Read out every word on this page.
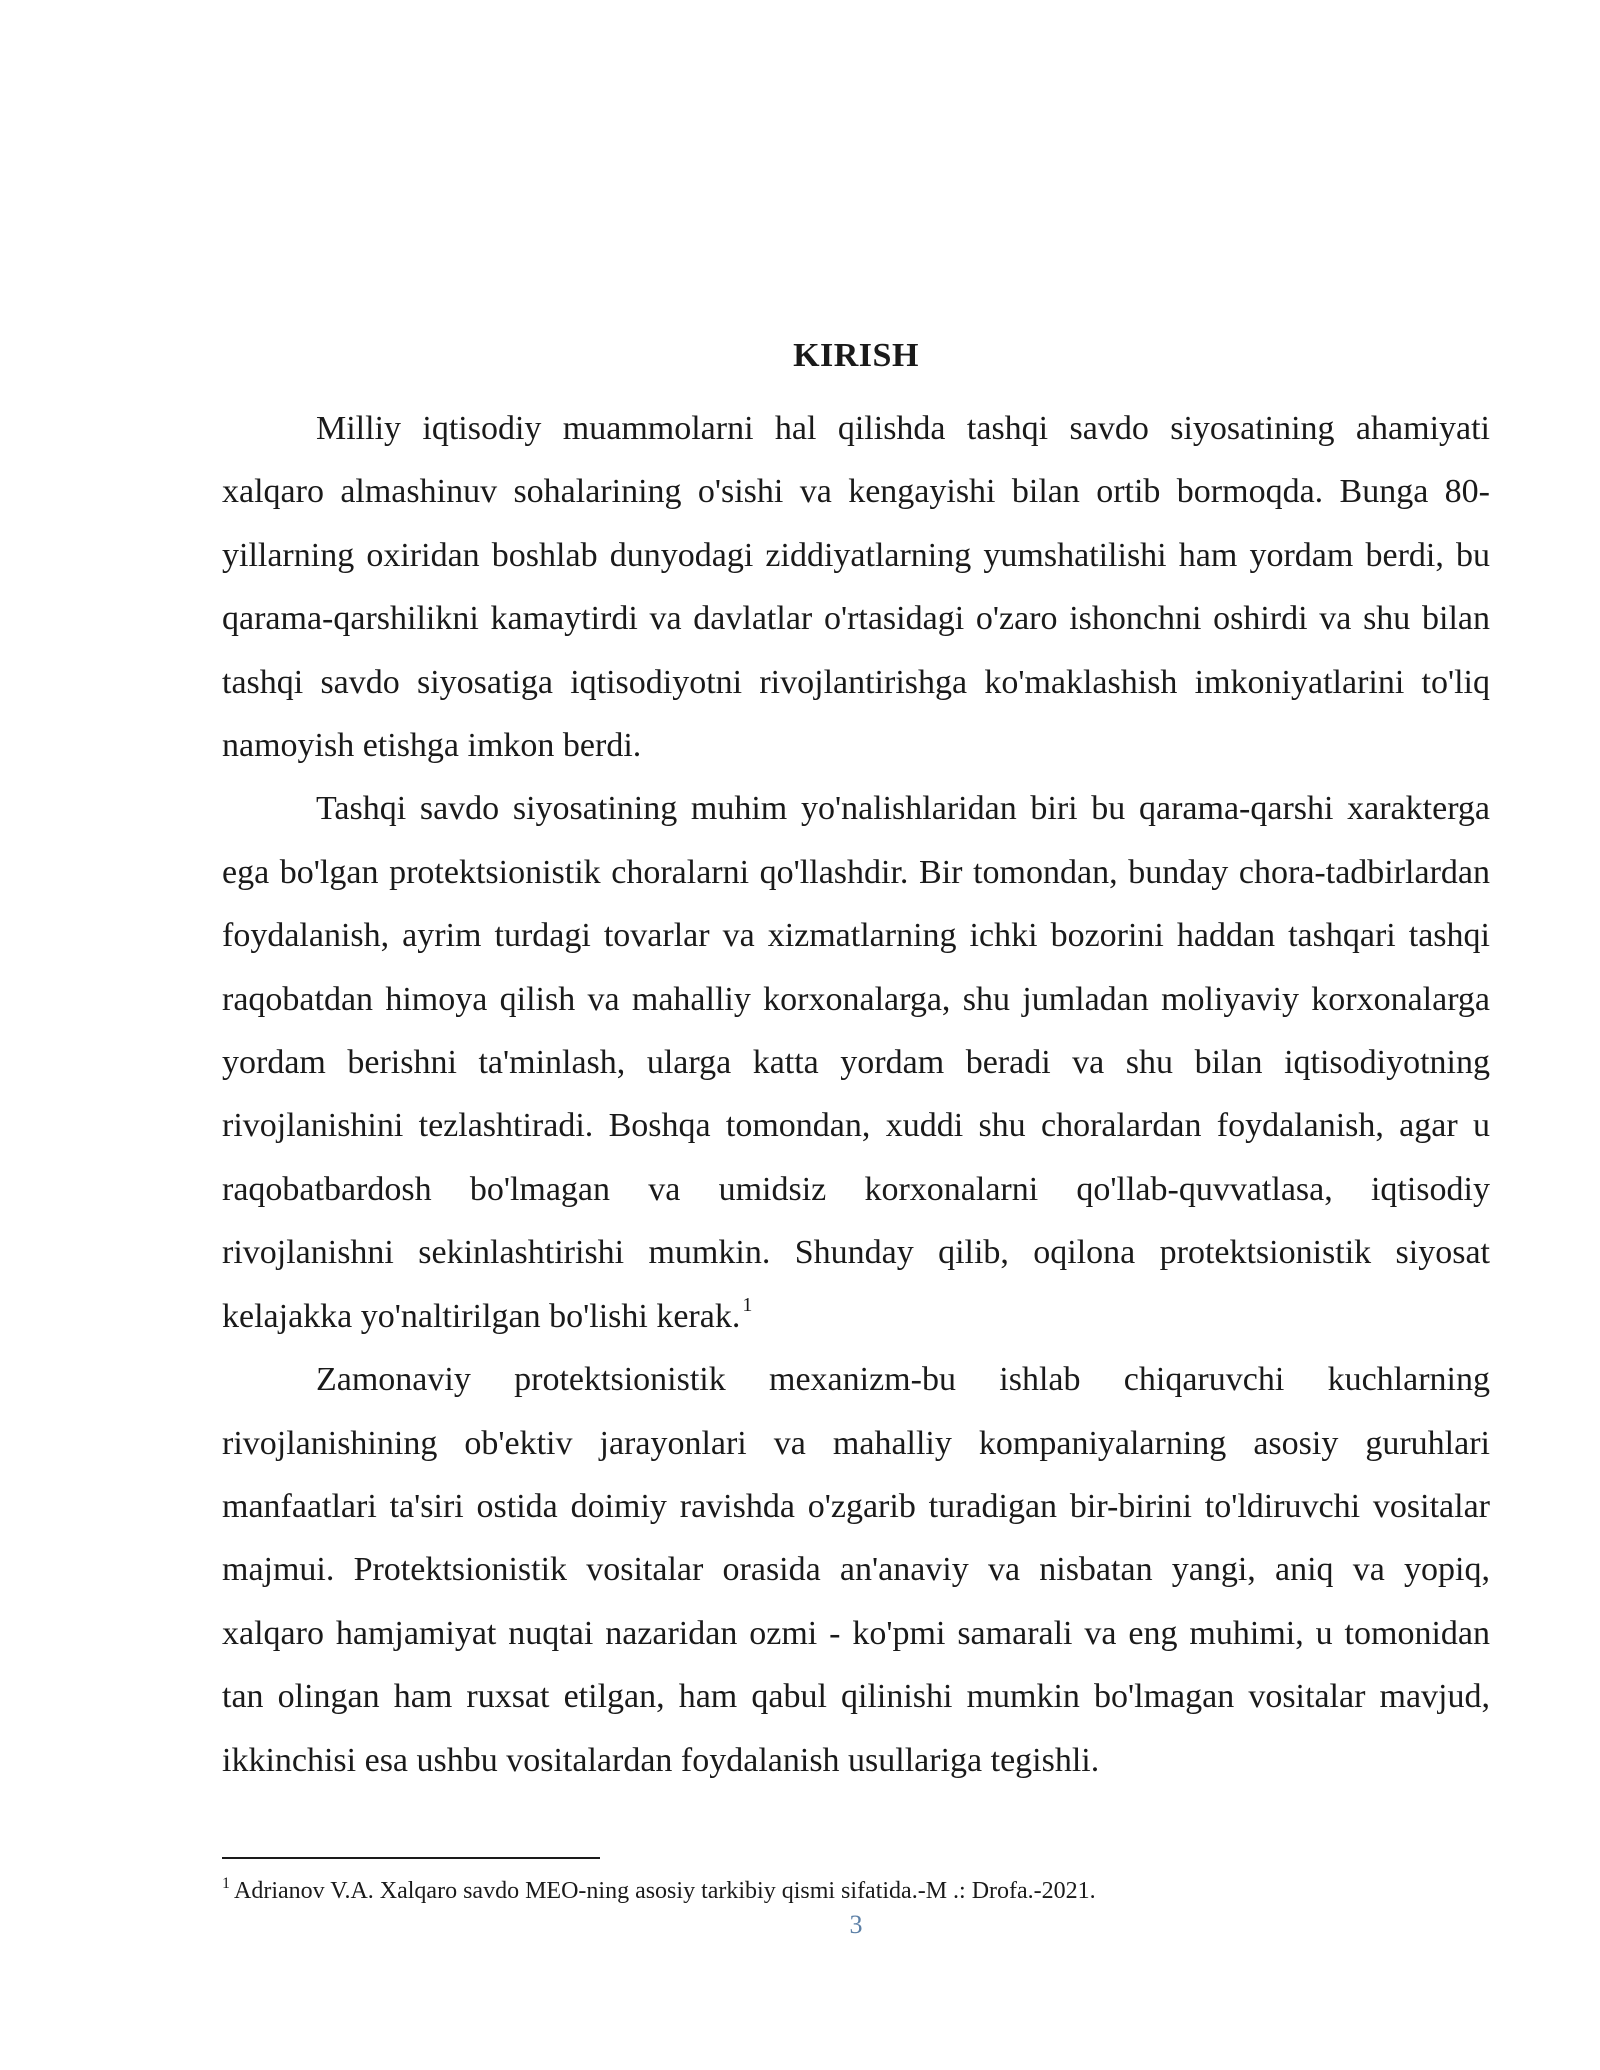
KIRISH

Milliy iqtisodiy muammolarni hal qilishda tashqi savdo siyosatining ahamiyati xalqaro almashinuv sohalarining o'sishi va kengayishi bilan ortib bormoqda. Bunga 80-yillarning oxiridan boshlab dunyodagi ziddiyatlarning yumshatilishi ham yordam berdi, bu qarama-qarshilikni kamaytirdi va davlatlar o'rtasidagi o'zaro ishonchni oshirdi va shu bilan tashqi savdo siyosatiga iqtisodiyotni rivojlantirishga ko'maklashish imkoniyatlarini to'liq namoyish etishga imkon berdi.

Tashqi savdo siyosatining muhim yo'nalishlaridan biri bu qarama-qarshi xarakterga ega bo'lgan protektsionistik choralarni qo'llashdir. Bir tomondan, bunday chora-tadbirlardan foydalanish, ayrim turdagi tovarlar va xizmatlarning ichki bozorini haddan tashqari tashqi raqobatdan himoya qilish va mahalliy korxonalarga, shu jumladan moliyaviy korxonalarga yordam berishni ta'minlash, ularga katta yordam beradi va shu bilan iqtisodiyotning rivojlanishini tezlashtiradi. Boshqa tomondan, xuddi shu choralardan foydalanish, agar u raqobatbardosh bo'lmagan va umidsiz korxonalarni qo'llab-quvvatlasa, iqtisodiy rivojlanishni sekinlashtirishi mumkin. Shunday qilib, oqilona protektsionistik siyosat kelajakka yo'naltirilgan bo'lishi kerak. $^1$

Zamonaviy protektsionistik mexanizm-bu ishlab chiqaruvchi kuchlarning rivojlanishining ob'ektiv jarayonlari va mahalliy kompaniyalarning asosiy guruhlari manfaatlari ta'siri ostida doimiy ravishda o'zgarib turadigan bir-birini to'ldiruvchi vositalar majmui. Protektsionistik vositalar orasida an'anaviy va nisbatan yangi, aniq va yopiq, xalqaro hamjamiyat nuqtai nazaridan ozmi - ko'pmi samarali va eng muhimi, u tomonidan tan olingan ham ruxsat etilgan, ham qabul qilinishi mumkin bo'lmagan vositalar mavjud, ikkinchisi esa ushbu vositalardan foydalanish usullariga tegishli.

$^1$ Adrianov V.A. Xalqaro savdo MEO-ning asosiy tarkibiy qismi sifatida.-M .: Drofa.-2021.
3
